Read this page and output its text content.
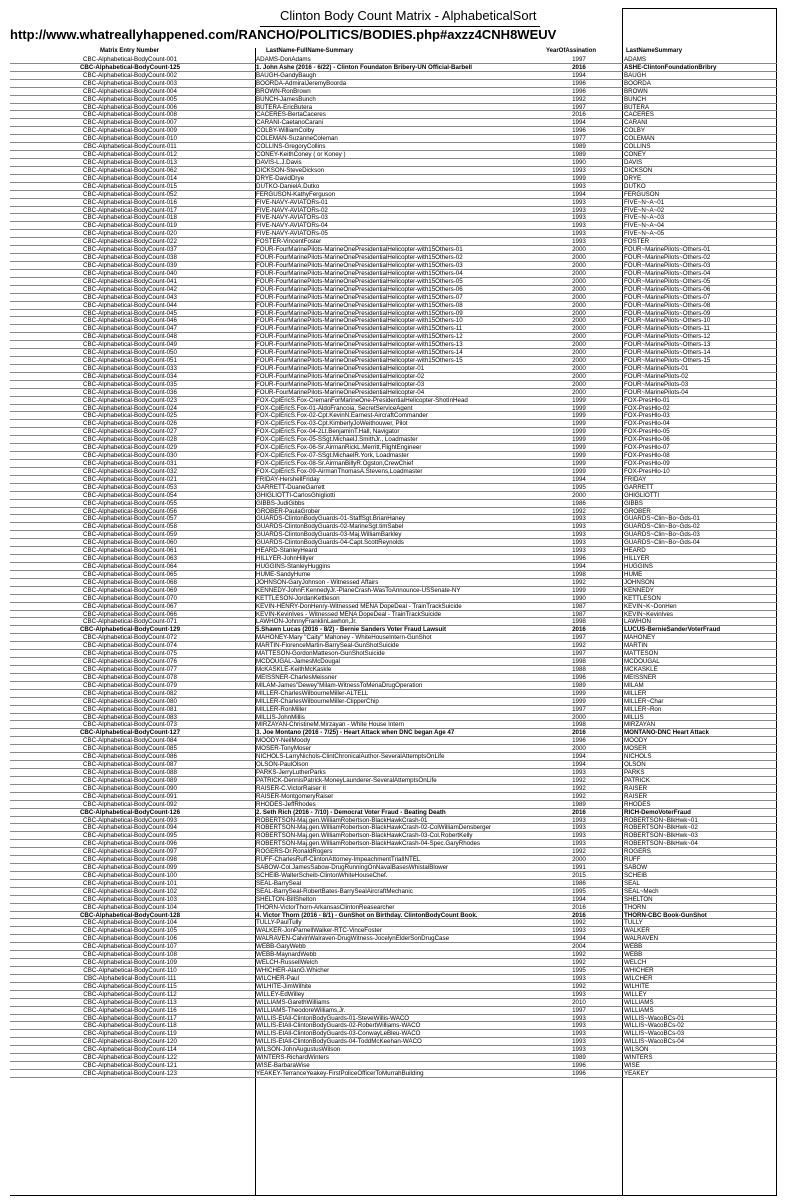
Clinton Body Count Matrix - AlphabeticalSort
http://www.whatreallyhappened.com/RANCHO/POLITICS/BODIES.php#axzz4CNH8WEUV
Matrix Entry Number	LastName-FullName-Summary	YearOfAssination	LastNameSummary
CBC-Alphabetical-BodyCount-001	ADAMS-DonAdams	1997	ADAMS
CBC-Alphabetical-BodyCount-125	1. John Ashe (2016 - 6/22) - Clinton Foundaton Bribery-UN Official-Barbell	2016	ASHE-ClintonFoundationBribry
CBC-Alphabetical-BodyCount-002	BAUGH-GandyBaugh	1994	BAUGH
CBC-Alphabetical-BodyCount-003	BOORDA-AdmiralJeremyBoorda	1996	BOORDA
CBC-Alphabetical-BodyCount-004	BROWN-RonBrown	1996	BROWN
CBC-Alphabetical-BodyCount-005	BUNCH-JamesBunch	1992	BUNCH
CBC-Alphabetical-BodyCount-006	BUTERA-EricButera	1997	BUTERA
CBC-Alphabetical-BodyCount-008	CACERES-BertaCaceres	2016	CACERES
CBC-Alphabetical-BodyCount-007	CARANI-CaetanoCarani	1994	CARANI
CBC-Alphabetical-BodyCount-009	COLBY-WilliamColby	1996	COLBY
CBC-Alphabetical-BodyCount-010	COLEMAN-SuzanneColeman	1977	COLEMAN
CBC-Alphabetical-BodyCount-011	COLLINS-GregoryCollins	1989	COLLINS
CBC-Alphabetical-BodyCount-012	CONEY-KeithConey ( or Koney )	1989	CONEY
CBC-Alphabetical-BodyCount-013	DAVIS-L.J.Davis	1990	DAVIS
CBC-Alphabetical-BodyCount-062	DICKSON-SteveDickson	1993	DICKSON
CBC-Alphabetical-BodyCount-014	DRYE-DavidDrye	1999	DRYE
CBC-Alphabetical-BodyCount-015	DUTKO-DanielA.Dutko	1993	DUTKO
CBC-Alphabetical-BodyCount-052	FERGUSON-KathyFerguson	1994	FERGUSON
CBC-Alphabetical-BodyCount-016	FIVE-NAVY-AVIATORs-01	1993	FIVE~N~A~01
CBC-Alphabetical-BodyCount-017	FIVE-NAVY-AVIATORs-02	1993	FIVE~N~A~02
CBC-Alphabetical-BodyCount-018	FIVE-NAVY-AVIATORs-03	1993	FIVE~N~A~03
CBC-Alphabetical-BodyCount-019	FIVE-NAVY-AVIATORs-04	1993	FIVE~N~A~04
CBC-Alphabetical-BodyCount-020	FIVE-NAVY-AVIATORs-05	1993	FIVE~N~A~05
CBC-Alphabetical-BodyCount-022	FOSTER-VincentFoster	1993	FOSTER
CBC-Alphabetical-BodyCount-037	FOUR-FourMarinePilots-MarineOnePresidentialHelicopter-with15Others-01	2000	FOUR~MarinePilots~Others-01
CBC-Alphabetical-BodyCount-038	FOUR-FourMarinePilots-MarineOnePresidentialHelicopter-with15Others-02	2000	FOUR~MarinePilots~Others-02
CBC-Alphabetical-BodyCount-039	FOUR-FourMarinePilots-MarineOnePresidentialHelicopter-with15Others-03	2000	FOUR~MarinePilots~Others-03
CBC-Alphabetical-BodyCount-040	FOUR-FourMarinePilots-MarineOnePresidentialHelicopter-with15Others-04	2000	FOUR~MarinePilots~Others-04
CBC-Alphabetical-BodyCount-041	FOUR-FourMarinePilots-MarineOnePresidentialHelicopter-with15Others-05	2000	FOUR~MarinePilots~Others-05
CBC-Alphabetical-BodyCount-042	FOUR-FourMarinePilots-MarineOnePresidentialHelicopter-with15Others-06	2000	FOUR~MarinePilots~Others-06
CBC-Alphabetical-BodyCount-043	FOUR-FourMarinePilots-MarineOnePresidentialHelicopter-with15Others-07	2000	FOUR~MarinePilots~Others-07
CBC-Alphabetical-BodyCount-044	FOUR-FourMarinePilots-MarineOnePresidentialHelicopter-with15Others-08	2000	FOUR~MarinePilots~Others-08
CBC-Alphabetical-BodyCount-045	FOUR-FourMarinePilots-MarineOnePresidentialHelicopter-with15Others-09	2000	FOUR~MarinePilots~Others-09
CBC-Alphabetical-BodyCount-046	FOUR-FourMarinePilots-MarineOnePresidentialHelicopter-with15Others-10	2000	FOUR~MarinePilots~Others-10
CBC-Alphabetical-BodyCount-047	FOUR-FourMarinePilots-MarineOnePresidentialHelicopter-with15Others-11	2000	FOUR~MarinePilots~Others-11
CBC-Alphabetical-BodyCount-048	FOUR-FourMarinePilots-MarineOnePresidentialHelicopter-with15Others-12	2000	FOUR~MarinePilots~Others-12
CBC-Alphabetical-BodyCount-049	FOUR-FourMarinePilots-MarineOnePresidentialHelicopter-with15Others-13	2000	FOUR~MarinePilots~Others-13
CBC-Alphabetical-BodyCount-050	FOUR-FourMarinePilots-MarineOnePresidentialHelicopter-with15Others-14	2000	FOUR~MarinePilots~Others-14
CBC-Alphabetical-BodyCount-051	FOUR-FourMarinePilots-MarineOnePresidentialHelicopter-with15Others-15	2000	FOUR~MarinePilots~Others-15
CBC-Alphabetical-BodyCount-033	FOUR-FourMarinePilots-MarineOnePresidentialHelicopter-01	2000	FOUR~MarinePilots-01
CBC-Alphabetical-BodyCount-034	FOUR-FourMarinePilots-MarineOnePresidentialHelicopter-02	2000	FOUR~MarinePilots-02
CBC-Alphabetical-BodyCount-035	FOUR-FourMarinePilots-MarineOnePresidentialHelicopter-03	2000	FOUR~MarinePilots-03
CBC-Alphabetical-BodyCount-036	FOUR-FourMarinePilots-MarineOnePresidentialHelicopter-04	2000	FOUR~MarinePilots-04
CBC-Alphabetical-BodyCount-023	FOX-CplEricS.Fox-CremanForMarineOne-PresidentialHelicopter-ShotInHead	1999	FOX-PresHlo-01
CBC-Alphabetical-BodyCount-024	FOX-CplEricS.Fox-01-AldoFrancoia, SecretServiceAgent	1999	FOX-PresHlo-02
CBC-Alphabetical-BodyCount-025	FOX-CplEricS.Fox-02-Cpt.KevinN.Earnest-AircraftCommander	1999	FOX-PresHlo-03
CBC-Alphabetical-BodyCount-026	FOX-CplEricS.Fox-03-Cpt.KimberlyJoWeithouwer, Pilot	1999	FOX-PresHlo-04
CBC-Alphabetical-BodyCount-027	FOX-CplEricS.Fox-04-2Lt.BenjaminT.Hall, Navigator	1999	FOX-PresHlo-05
CBC-Alphabetical-BodyCount-028	FOX-CplEricS.Fox-05-SSgt.MichaelJ.SmithJr., Loadmaster	1999	FOX-PresHlo-06
CBC-Alphabetical-BodyCount-029	FOX-CplEricS.Fox-06-Sr.AirmanRickL.Merritt,FlightEngineer	1999	FOX-PresHlo-07
CBC-Alphabetical-BodyCount-030	FOX-CplEricS.Fox-07-SSgt.MichaelR.York, Loadmaster	1999	FOX-PresHlo-08
CBC-Alphabetical-BodyCount-031	FOX-CplEricS.Fox-08-Sr.AirmanBillyR.Ogston,CrewChief	1999	FOX-PresHlo-09
CBC-Alphabetical-BodyCount-032	FOX-CplEricS.Fox-09-AirmanThomasA.Stevens,Loadmaster	1999	FOX-PresHlo-10
CBC-Alphabetical-BodyCount-021	FRIDAY-HershellFriday	1994	FRIDAY
CBC-Alphabetical-BodyCount-053	GARRETT-DuaneGarrett	1995	GARRETT
CBC-Alphabetical-BodyCount-054	GHIGLIOTTI-CarlosGhigliotti	2000	GHIGLIOTTI
CBC-Alphabetical-BodyCount-055	GIBBS-JudiGibbs	1986	GIBBS
CBC-Alphabetical-BodyCount-056	GROBER-PaulaGrober	1992	GROBER
CBC-Alphabetical-BodyCount-057	GUARDS-ClintonBodyGuards-01-StaffSgt.BrianHaney	1993	GUARDS~Clin~Bo~Gds-01
CBC-Alphabetical-BodyCount-058	GUARDS-ClintonBodyGuards-02-MarineSgt.timSabel	1993	GUARDS~Clin~Bo~Gds-02
CBC-Alphabetical-BodyCount-059	GUARDS-ClintonBodyGuards-03-Maj.WilliamBarkley	1993	GUARDS~Clin~Bo~Gds-03
CBC-Alphabetical-BodyCount-060	GUARDS-ClintonBodyGuards-04-Capt.ScottReynolds	1993	GUARDS~Clin~Bo~Gds-04
CBC-Alphabetical-BodyCount-061	HEARD-StanleyHeard	1993	HEARD
CBC-Alphabetical-BodyCount-063	HILLYER-JohnHillyer	1996	HILLYER
CBC-Alphabetical-BodyCount-064	HUGGINS-StanleyHuggins	1994	HUGGINS
CBC-Alphabetical-BodyCount-065	HUME-SandyHume	1998	HUME
CBC-Alphabetical-BodyCount-068	JOHNSON-GaryJohnson - Witnessed Affairs	1992	JOHNSON
CBC-Alphabetical-BodyCount-069	KENNEDY-JohnF.KennedyJr.-PlaneCrash-WasToAnnounce-USSenate-NY	1999	KENNEDY
CBC-Alphabetical-BodyCount-070	KETTLESON-JordanKettleson	1990	KETTLESON
CBC-Alphabetical-BodyCount-067	KEVIN-HENRY-DonHenry-Witnessed MENA DopeDeal - TrainTrackSuicide	1987	KEVIN~K~DonHen
CBC-Alphabetical-BodyCount-066	KEVIN-KevinIves - Witnessed MENA DopeDeal - TrainTrackSuicide	1987	KEVIN~KevinIves
CBC-Alphabetical-BodyCount-071	LAWHON-JohnnyFranklinLawhon,Jr.	1998	LAWHON
CBC-Alphabetical-BodyCount-129	5.Shawn Lucas (2016 - 8/2) - Bernie Sanders Voter Fraud Lawsuit	2016	LUCUS-BernieSanderVoterFraud
CBC-Alphabetical-BodyCount-072	MAHONEY-Mary "Caity" Mahoney - WhiteHouseIntern-GunShot	1997	MAHONEY
CBC-Alphabetical-BodyCount-074	MARTIN-FlorenceMartin-BarrySeal-GunShotSuicide	1992	MARTIN
CBC-Alphabetical-BodyCount-075	MATTESON-GordonMatteson-GunShotSuicide	1997	MATTESON
CBC-Alphabetical-BodyCount-076	MCDOUGAL-JamesMcDougal	1998	MCDOUGAL
CBC-Alphabetical-BodyCount-077	McKASKLE-KeithMcKaskle	1988	MCKASKLE
CBC-Alphabetical-BodyCount-078	MEISSNER-CharlesMeissner	1996	MEISSNER
CBC-Alphabetical-BodyCount-079	MILAM-James"Dewey"Milam-WitnessToMenaDrugOperation	1989	MILAM
CBC-Alphabetical-BodyCount-082	MILLER-CharlesWilbourneMiller-ALTELL	1999	MILLER
CBC-Alphabetical-BodyCount-080	MILLER-CharlesWilbourneMiller-ClipperChip	1999	MILLER~Char
CBC-Alphabetical-BodyCount-081	MILLER-RonMiller	1997	MILLER~Ron
CBC-Alphabetical-BodyCount-083	MILLIS-JohnMillis	2000	MILLIS
CBC-Alphabetical-BodyCount-073	MIRZAYAN-ChristineM.Mirzayan - White House Intern	1998	MIRZAYAN
CBC-Alphabetical-BodyCount-127	3. Joe Montano (2016 - 7/25) - Heart Attack when DNC began Age 47	2016	MONTANO-DNC Heart Attack
CBC-Alphabetical-BodyCount-084	MOODY-NeilMoody	1996	MOODY
CBC-Alphabetical-BodyCount-085	MOSER-TonyMoser	2000	MOSER
CBC-Alphabetical-BodyCount-086	NICHOLS-LarryNichols-ClintChronicalAuthor-SeveralAttemptsOnLife	1994	NICHOLS
CBC-Alphabetical-BodyCount-087	OLSON-PaulOlson	1994	OLSON
CBC-Alphabetical-BodyCount-088	PARKS-JerryLutherParks	1993	PARKS
CBC-Alphabetical-BodyCount-089	PATRICK-DennisPatrick-MoneyLaunderer-SeveralAttemptsOnLife	1992	PATRICK
CBC-Alphabetical-BodyCount-090	RAISER-C.VictorRaiser II	1992	RAISER
CBC-Alphabetical-BodyCount-091	RAISER-MontgomeryRaiser	1992	RAISER
CBC-Alphabetical-BodyCount-092	RHODES-JeffRhodes	1989	RHODES
CBC-Alphabetical-BodyCount-126	2. Seth Rich (2016 - 7/10) - Democrat Voter Fraud - Beating Death	2016	RICH-DemoVoterFraud
CBC-Alphabetical-BodyCount-093	ROBERTSON-Maj.gen.WilliamRobertson-BlackHawkCrash-01	1993	ROBERTSON~BlkHwk~01
CBC-Alphabetical-BodyCount-094	ROBERTSON-Maj.gen.WilliamRobertson-BlackHawkCrash-02-ColWilliamDensberger	1993	ROBERTSON~BlkHwk~02
CBC-Alphabetical-BodyCount-095	ROBERTSON-Maj.gen.WilliamRobertson-BlackHawkCrash-03-Col.RobertKelly	1993	ROBERTSON~BlkHwk~03
CBC-Alphabetical-BodyCount-096	ROBERTSON-Maj.gen.WilliamRobertson-BlackHawkCrash-04-Spec.GaryRhodes	1993	ROBERTSON~BlkHwk~04
CBC-Alphabetical-BodyCount-097	ROGERS-Dr.RonaldRogers	1992	ROGERS
CBC-Alphabetical-BodyCount-098	RUFF-CharlesRuff-ClintonAttorney-ImpeachmentTrialINTEL	2000	RUFF
CBC-Alphabetical-BodyCount-099	SABOW-Col.JamesSabow-DrugRunningOnNavalBasesWhistalBlower	1991	SABOW
CBC-Alphabetical-BodyCount-100	SCHEIB-WalterScheib-ClintonWhiteHouseChef.	2015	SCHEIB
CBC-Alphabetical-BodyCount-101	SEAL-BarrySeal	1986	SEAL
CBC-Alphabetical-BodyCount-102	SEAL-BarrySeal-RobertBates-BarrySealAircraftMechanic	1995	SEAL~Mech
CBC-Alphabetical-BodyCount-103	SHELTON-BillShelton	1994	SHELTON
CBC-Alphabetical-BodyCount-104	THORN-VictorThorn-ArkansasClintonReasearcher	2016	THORN
CBC-Alphabetical-BodyCount-128	4. Victor Thorn (2016 - 8/1) - GunShot on Birthday. ClintonBodyCount Book.	2016	THORN-CBC Book-GunShot
CBC-Alphabetical-BodyCount-104	TULLY-PaulTully	1992	TULLY
CBC-Alphabetical-BodyCount-105	WALKER-JonParnellWalker-RTC-VinceFoster	1993	WALKER
CBC-Alphabetical-BodyCount-106	WALRAVEN-CalvinWalraven-DrugWitness-JocelynElderSonDrugCase	1994	WALRAVEN
CBC-Alphabetical-BodyCount-107	WEBB-GaryWebb	2004	WEBB
CBC-Alphabetical-BodyCount-108	WEBB-MaynardWebb	1992	WEBB
CBC-Alphabetical-BodyCount-109	WELCH-RussellWelch	1992	WELCH
CBC-Alphabetical-BodyCount-110	WHICHER-AlanG.Whicher	1995	WHICHER
CBC-Alphabetical-BodyCount-111	WILCHER-Paul	1993	WILCHER
CBC-Alphabetical-BodyCount-115	WILHITE-JimWilhite	1992	WILHITE
CBC-Alphabetical-BodyCount-112	WILLEY-EdWilley	1993	WILLEY
CBC-Alphabetical-BodyCount-113	WILLIAMS-GarethWilliams	2010	WILLIAMS
CBC-Alphabetical-BodyCount-116	WILLIAMS-TheodoreWilliams,Jr.	1997	WILLIAMS
CBC-Alphabetical-BodyCount-117	WILLIS-EtAll-ClintonBodyGuards-01-SteveWillis-WACO	1993	WILLIS~WacoBCs-01
CBC-Alphabetical-BodyCount-118	WILLIS-EtAll-ClintonBodyGuards-02-RobertWilliams-WACO	1993	WILLIS~WacoBCs-02
CBC-Alphabetical-BodyCount-119	WILLIS-EtAll-ClintonBodyGuards-03-ConwayLeBleu-WACO	1993	WILLIS~WacoBCs-03
CBC-Alphabetical-BodyCount-120	WILLIS-EtAll-ClintonBodyGuards-04-ToddMcKeehan-WACO	1993	WILLIS~WacoBCs-04
CBC-Alphabetical-BodyCount-114	WILSON-JohnAugustusWilson	1993	WILSON
CBC-Alphabetical-BodyCount-122	WINTERS-RichardWinters	1989	WINTERS
CBC-Alphabetical-BodyCount-121	WISE-BarbaraWise	1996	WISE
CBC-Alphabetical-BodyCount-123	YEAKEY-TerranceYeakey-FirstPoliceOfficerToMurrahBuilding	1996	YEAKEY
